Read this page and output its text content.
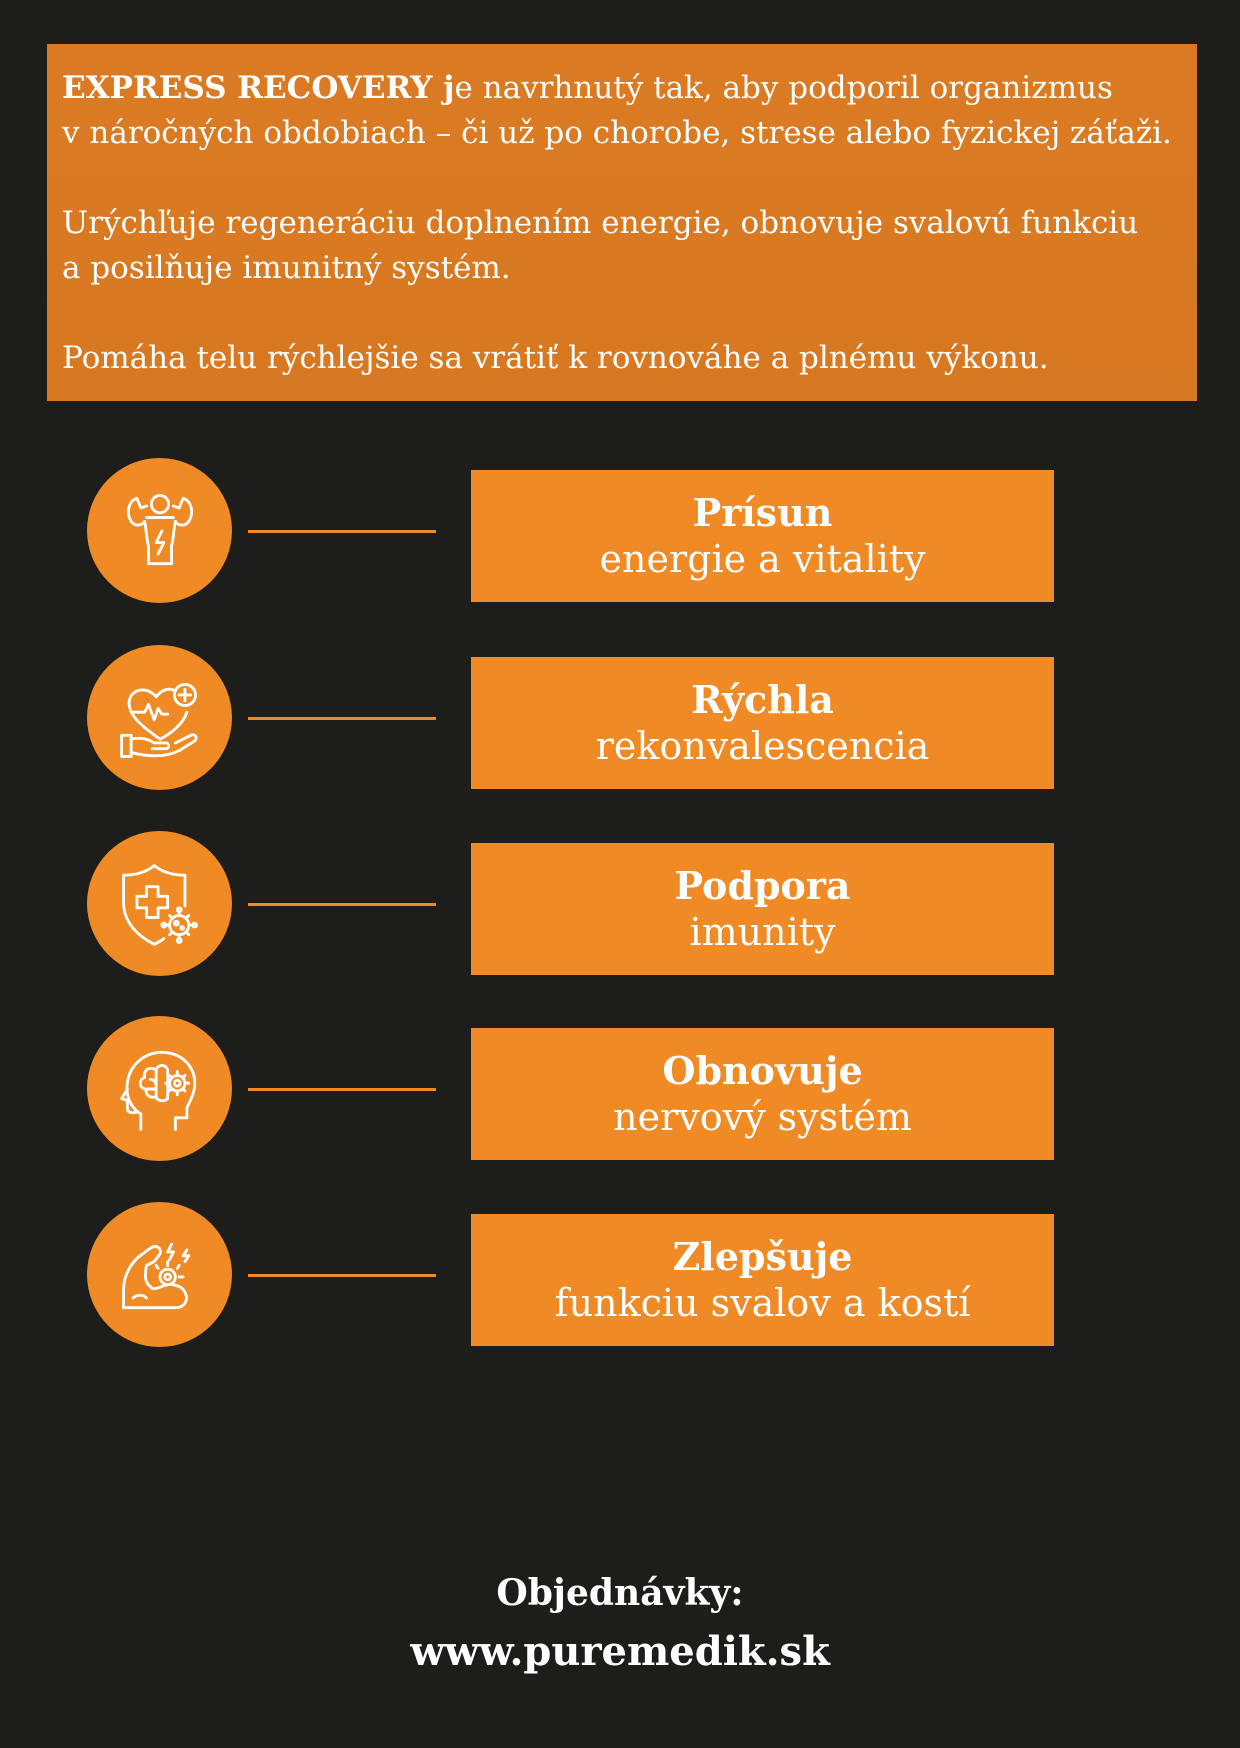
EXPRESS RECOVERY je navrhnutý tak, aby podporil organizmus
v náročných obdobiach – či už po chorobe, strese alebo fyzickej záťaži.

Urýchľuje regeneráciu doplnením energie, obnovuje svalovú funkciu
a posilňuje imunitný systém.

Pomáha telu rýchlejšie sa vrátiť k rovnováhe a plnému výkonu.

Prísun
energie a vitality
Rýchla
rekonvalescencia
Podpora
imunity
Obnovuje
nervový systém
Zlepšuje
funkciu svalov a kostí
Objednávky:
www.puremedik.sk
